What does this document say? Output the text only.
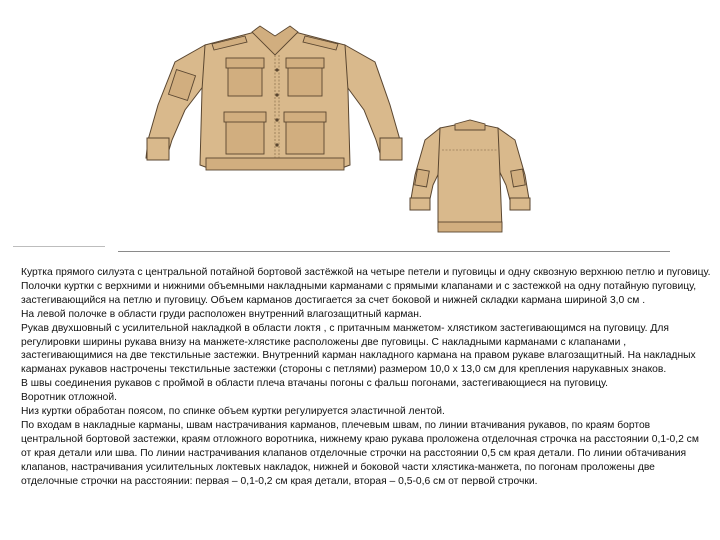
Куртка прямого силуэта с центральной потайной бортовой застёжкой на четыре петели и пуговицы и одну сквозную верхнюю петлю и пуговицу. Полочки куртки с верхними и нижними объемными накладными карманами с прямыми клапанами и с застежкой на одну потайную пуговицу, застегивающийся на петлю и пуговицу. Объем карманов достигается за счет боковой и нижней складки кармана шириной 3,0 см .

На левой полочке в области груди расположен внутренний влагозащитный карман.

Рукав двухшовный с усилительной накладкой в области локтя , с притачным манжетом- хлястиком застегивающимся на пуговицу. Для регулировки ширины рукава внизу на манжете-хлястике расположены две пуговицы. С накладными карманами с клапанами , застегивающимися на две текстильные застежки. Внутренний карман накладного кармана на правом рукаве влагозащитный. На накладных карманах рукавов настрочены текстильные застежки (стороны с петлями) размером 10,0 х 13,0 см для крепления нарукавных знаков.

В швы соединения рукавов с проймой в области плеча втачаны погоны с фальш погонами, застегивающиеся на пуговицу.

Воротник отложной.

Низ куртки обработан поясом, по спинке объем куртки регулируется эластичной лентой.

По входам в накладные карманы, швам настрачивания карманов, плечевым швам, по линии втачивания рукавов, по краям бортов центральной бортовой застежки, краям отложного воротника, нижнему краю рукава проложена отделочная строчка на расстоянии 0,1-0,2 см от края детали или шва. По линии настрачивания клапанов отделочные строчки на расстоянии 0,5 см края детали. По линии обтачивания клапанов, настрачивания усилительных локтевых накладок, нижней и боковой части хлястика-манжета, по погонам проложены две отделочные строчки на расстоянии: первая – 0,1-0,2 см края детали, вторая – 0,5-0,6 см от первой строчки.
